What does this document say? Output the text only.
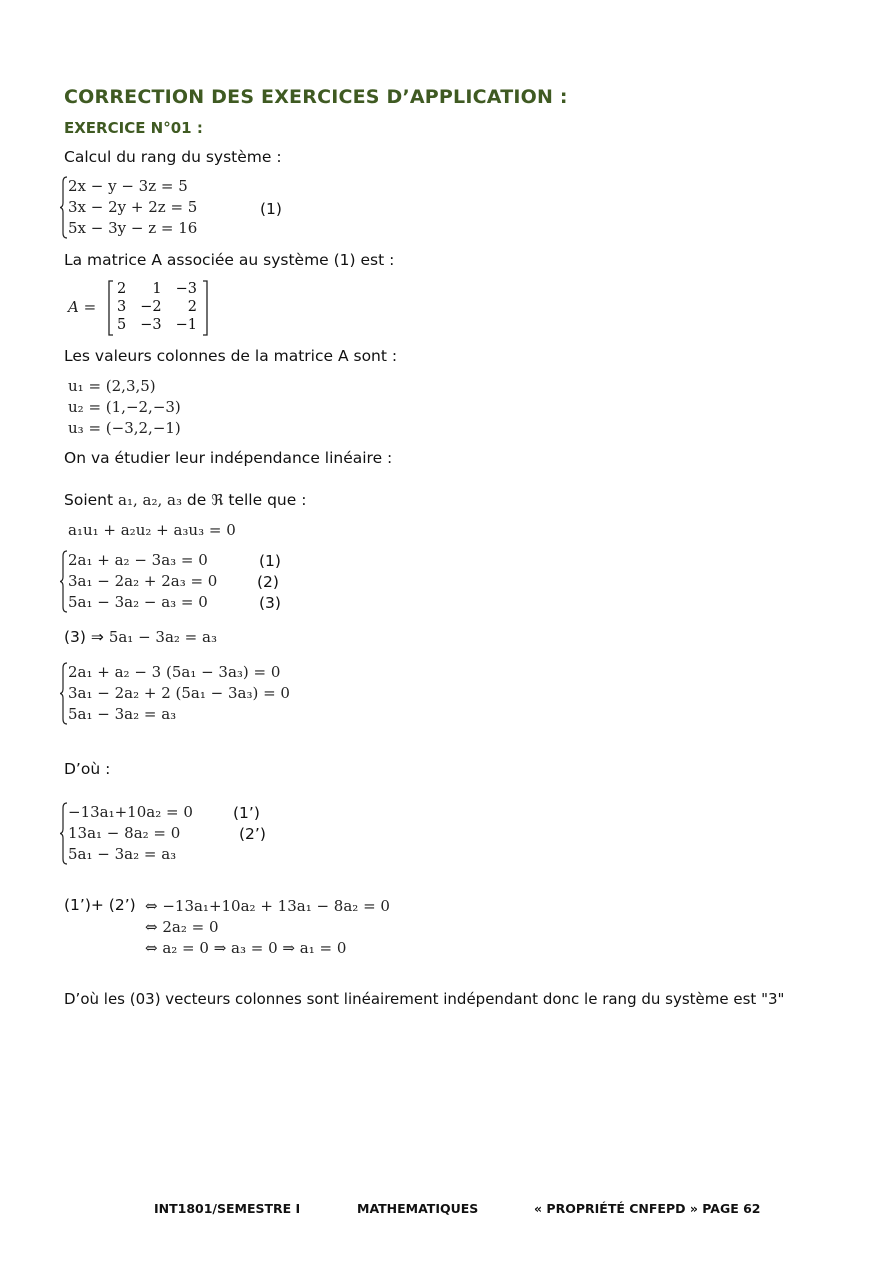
CORRECTION DES EXERCICES D’APPLICATION :
EXERCICE N°01 :
Calcul du rang du système :
2x − y − 3z = 5
3x − 2y + 2z = 5
5x − 3y − z = 16
(1)
La matrice A associée au système (1) est :
A =
2	1	−3
3	−2	2
5	−3	−1
Les valeurs colonnes de la matrice A sont :
u₁ = (2,3,5)
u₂ = (1,−2,−3)
u₃ = (−3,2,−1)
On va étudier leur indépendance linéaire :
Soient a₁, a₂, a₃ de ℜ telle que :
a₁u₁ + a₂u₂ + a₃u₃ = 0
2a₁ + a₂ − 3a₃ = 0
3a₁ − 2a₂ + 2a₃ = 0
5a₁ − 3a₂ − a₃ = 0
(1)
(2)
(3)
(3) ⇒ 5a₁ − 3a₂ = a₃
2a₁ + a₂ − 3 (5a₁ − 3a₃) = 0
3a₁ − 2a₂ + 2 (5a₁ − 3a₃) = 0
5a₁ − 3a₂ = a₃
D’où :
−13a₁+10a₂ = 0
13a₁ − 8a₂ = 0
5a₁ − 3a₂ = a₃
(1’)
(2’)
(1’)+ (2’) ⇔ −13a₁+10a₂ + 13a₁ − 8a₂ = 0
⇔ 2a₂ = 0
⇔ a₂ = 0 ⇒ a₃ = 0 ⇒ a₁ = 0
D’où les (03) vecteurs colonnes sont linéairement indépendant donc le rang du système est "3"
INT1801/SEMESTRE I	MATHEMATIQUES	« PROPRIÉTÉ CNFEPD » PAGE 62
